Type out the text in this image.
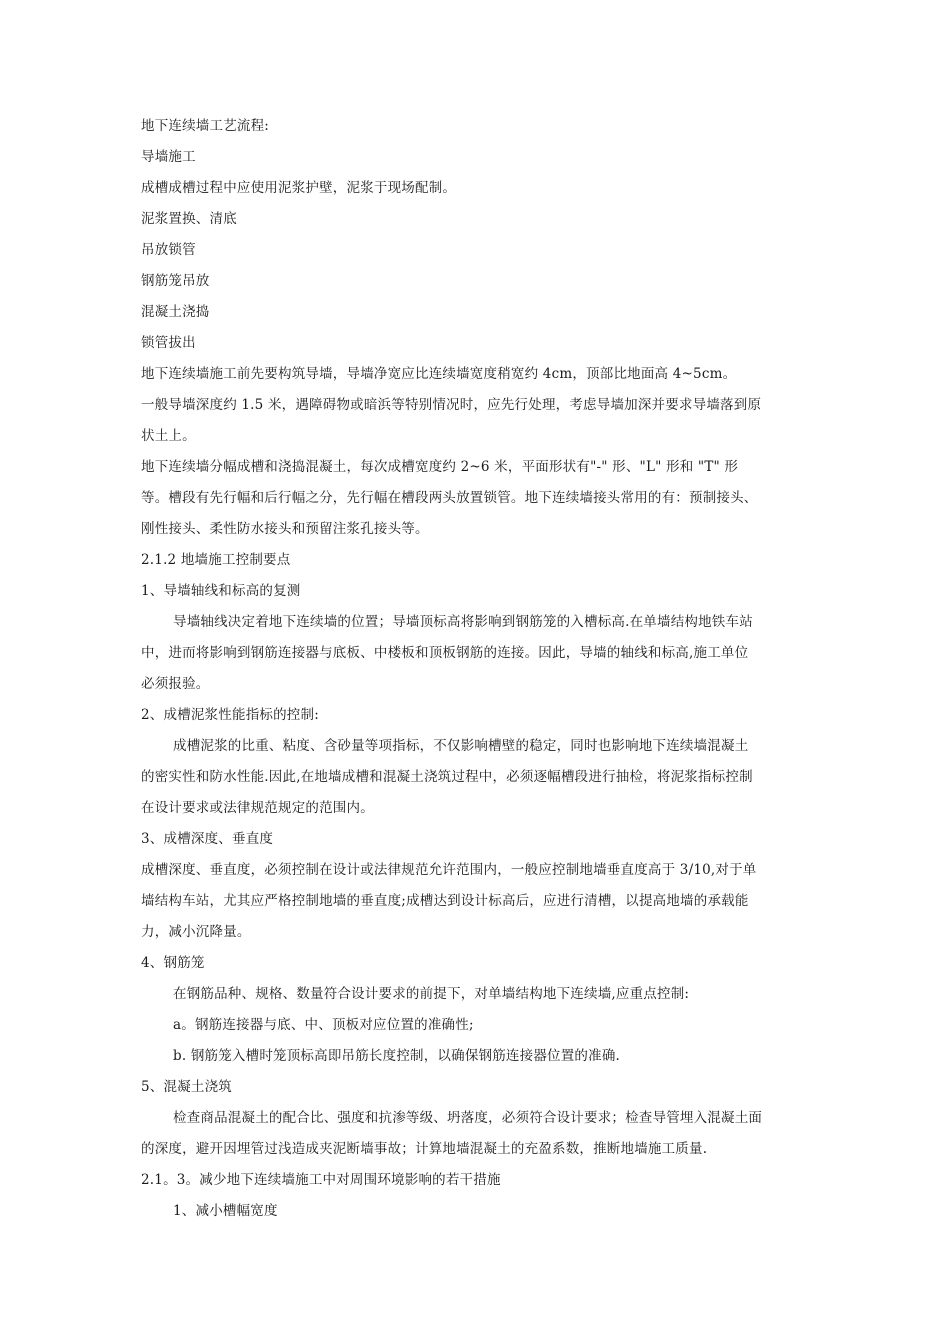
地下连续墙工艺流程:
导墙施工
成槽成槽过程中应使用泥浆护壁，泥浆于现场配制。
泥浆置换、清底
吊放锁管
钢筋笼吊放
混凝土浇捣
锁管拔出
地下连续墙施工前先要构筑导墙，导墙净宽应比连续墙宽度稍宽约 4cm，顶部比地面高 4~5cm。
一般导墙深度约 1.5 米，遇障碍物或暗浜等特别情况时，应先行处理，考虑导墙加深并要求导墙落到原
状土上。
地下连续墙分幅成槽和浇捣混凝土，每次成槽宽度约 2~6 米，平面形状有"-" 形、"L" 形和 "T" 形
等。槽段有先行幅和后行幅之分，先行幅在槽段两头放置锁管。地下连续墙接头常用的有：预制接头、
刚性接头、柔性防水接头和预留注浆孔接头等。
2.1.2 地墙施工控制要点
1、导墙轴线和标高的复测
导墙轴线决定着地下连续墙的位置；导墙顶标高将影响到钢筋笼的入槽标高.在单墙结构地铁车站
中，进而将影响到钢筋连接器与底板、中楼板和顶板钢筋的连接。因此，导墙的轴线和标高,施工单位
必须报验。
2、成槽泥浆性能指标的控制:
成槽泥浆的比重、粘度、含砂量等项指标，不仅影响槽壁的稳定，同时也影响地下连续墙混凝土
的密实性和防水性能.因此,在地墙成槽和混凝土浇筑过程中，必须逐幅槽段进行抽检，将泥浆指标控制
在设计要求或法律规范规定的范围内。
3、成槽深度、垂直度
成槽深度、垂直度，必须控制在设计或法律规范允许范围内，一般应控制地墙垂直度高于 3/10,对于单
墙结构车站，尤其应严格控制地墙的垂直度;成槽达到设计标高后，应进行清槽，以提高地墙的承载能
力，减小沉降量。
4、钢筋笼
在钢筋品种、规格、数量符合设计要求的前提下，对单墙结构地下连续墙,应重点控制:
a。钢筋连接器与底、中、顶板对应位置的准确性;
b. 钢筋笼入槽时笼顶标高即吊筋长度控制，以确保钢筋连接器位置的准确.
5、混凝土浇筑
检查商品混凝土的配合比、强度和抗渗等级、坍落度，必须符合设计要求；检查导管埋入混凝土面
的深度，避开因埋管过浅造成夹泥断墙事故；计算地墙混凝土的充盈系数，推断地墙施工质量.
2.1。3。减少地下连续墙施工中对周围环境影响的若干措施
1、减小槽幅宽度
